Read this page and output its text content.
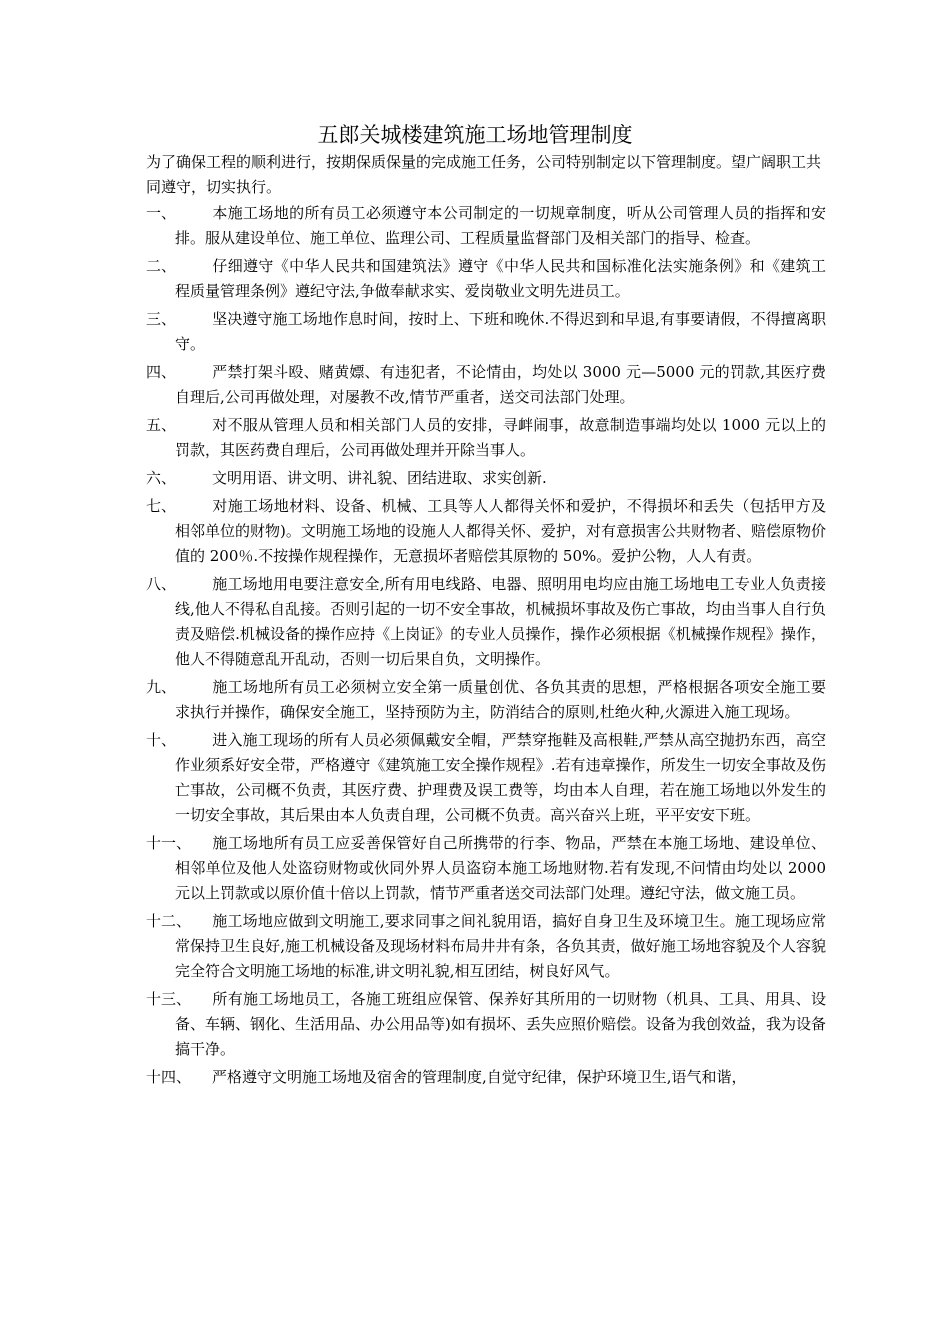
五郎关城楼建筑施工场地管理制度

为了确保工程的顺利进行，按期保质保量的完成施工任务，公司特别制定以下管理制度。望广阔职工共同遵守，切实执行。

一、	本施工场地的所有员工必须遵守本公司制定的一切规章制度，听从公司管理人员的指挥和安排。服从建设单位、施工单位、监理公司、工程质量监督部门及相关部门的指导、检查。
二、	仔细遵守《中华人民共和国建筑法》遵守《中华人民共和国标准化法实施条例》和《建筑工程质量管理条例》遵纪守法,争做奉献求实、爱岗敬业文明先进员工。
三、	坚决遵守施工场地作息时间，按时上、下班和晚休.不得迟到和早退,有事要请假，不得擅离职守。
四、	严禁打架斗殴、赌黄嫖、有违犯者，不论情由，均处以 3000 元—5000 元的罚款,其医疗费自理后,公司再做处理，对屡教不改,情节严重者，送交司法部门处理。
五、	对不服从管理人员和相关部门人员的安排，寻衅闹事，故意制造事端均处以 1000 元以上的罚款，其医药费自理后，公司再做处理并开除当事人。
六、	文明用语、讲文明、讲礼貌、团结进取、求实创新.
七、	对施工场地材料、设备、机械、工具等人人都得关怀和爱护，不得损坏和丢失（包括甲方及相邻单位的财物)。文明施工场地的设施人人都得关怀、爱护，对有意损害公共财物者、赔偿原物价值的 200％.不按操作规程操作，无意损坏者赔偿其原物的 50%。爱护公物，人人有责。
八、	施工场地用电要注意安全,所有用电线路、电器、照明用电均应由施工场地电工专业人负责接线,他人不得私自乱接。否则引起的一切不安全事故，机械损坏事故及伤亡事故，均由当事人自行负责及赔偿.机械设备的操作应持《上岗证》的专业人员操作，操作必须根据《机械操作规程》操作，他人不得随意乱开乱动，否则一切后果自负，文明操作。
九、	施工场地所有员工必须树立安全第一质量创优、各负其责的思想，严格根据各项安全施工要求执行并操作，确保安全施工，坚持预防为主，防消结合的原则,杜绝火种,火源进入施工现场。
十、	进入施工现场的所有人员必须佩戴安全帽，严禁穿拖鞋及高根鞋,严禁从高空抛扔东西，高空作业须系好安全带，严格遵守《建筑施工安全操作规程》.若有违章操作，所发生一切安全事故及伤亡事故，公司概不负责，其医疗费、护理费及误工费等，均由本人自理，若在施工场地以外发生的一切安全事故，其后果由本人负责自理，公司概不负责。高兴奋兴上班，平平安安下班。
十一、	施工场地所有员工应妥善保管好自己所携带的行李、物品，严禁在本施工场地、建设单位、相邻单位及他人处盗窃财物或伙同外界人员盗窃本施工场地财物.若有发现,不问情由均处以 2000 元以上罚款或以原价值十倍以上罚款，情节严重者送交司法部门处理。遵纪守法，做文施工员。
十二、	施工场地应做到文明施工,要求同事之间礼貌用语，搞好自身卫生及环境卫生。施工现场应常常保持卫生良好,施工机械设备及现场材料布局井井有条，各负其责，做好施工场地容貌及个人容貌完全符合文明施工场地的标准,讲文明礼貌,相互团结，树良好风气。
十三、	所有施工场地员工，各施工班组应保管、保养好其所用的一切财物（机具、工具、用具、设备、车辆、钢化、生活用品、办公用品等)如有损坏、丢失应照价赔偿。设备为我创效益，我为设备搞干净。
十四、	严格遵守文明施工场地及宿舍的管理制度,自觉守纪律，保护环境卫生,语气和谐，
